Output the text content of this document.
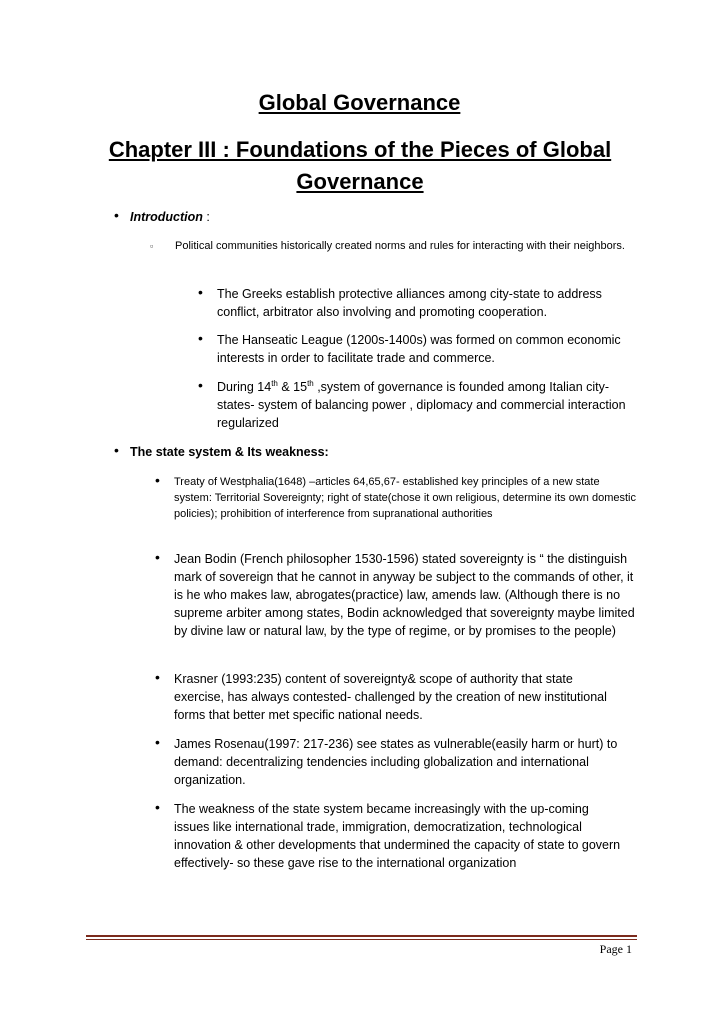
Global Governance
Chapter III : Foundations of the Pieces of Global Governance
• Introduction :
▫ Political communities historically created norms and rules for interacting with their neighbors.
• The Greeks establish protective alliances among city-state to address conflict, arbitrator also involving and promoting cooperation.
• The Hanseatic League (1200s-1400s) was formed on common economic interests in order to facilitate trade and commerce.
• During 14th & 15th ,system of governance is founded among Italian city-states- system of balancing power , diplomacy and commercial interaction regularized
• The state system & Its weakness:
• Treaty of Westphalia(1648) –articles 64,65,67- established key principles of a new state system: Territorial Sovereignty; right of state(chose it own religious, determine its own domestic policies); prohibition of interference from supranational authorities
• Jean Bodin (French philosopher 1530-1596) stated sovereignty is “ the distinguish mark of sovereign that he cannot in anyway be subject to the commands of other, it is he who makes law, abrogates(practice) law, amends law. (Although there is no supreme arbiter among states, Bodin acknowledged that sovereignty maybe limited by divine law or natural law, by the type of regime, or by promises to the people)
• Krasner (1993:235) content of sovereignty& scope of authority that state exercise, has always contested- challenged by the creation of new institutional forms that better met specific national needs.
• James Rosenau(1997: 217-236) see states as vulnerable(easily harm or hurt) to demand: decentralizing tendencies including globalization and international organization.
• The weakness of the state system became increasingly with the up-coming issues like international trade, immigration, democratization, technological innovation & other developments that undermined the capacity of state to govern effectively- so these gave rise to the international organization
Page 1
